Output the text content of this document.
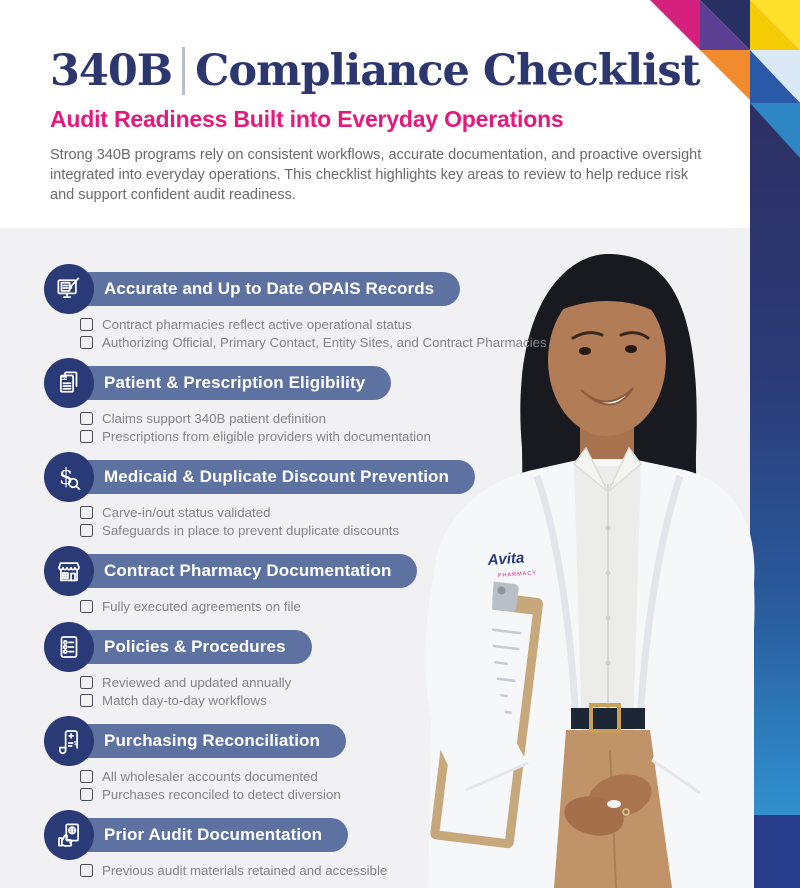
340B Compliance Checklist

Audit Readiness Built into Everyday Operations

Strong 340B programs rely on consistent workflows, accurate documentation, and proactive oversight integrated into everyday operations. This checklist highlights key areas to review to help reduce risk and support confident audit readiness.

Accurate and Up to Date OPAIS Records
Contract pharmacies reflect active operational status
Authorizing Official, Primary Contact, Entity Sites, and Contract Pharmacies
Rx Patient & Prescription Eligibility
Claims support 340B patient definition
Prescriptions from eligible providers with documentation
$ Medicaid & Duplicate Discount Prevention
Carve-in/out status validated
Safeguards in place to prevent duplicate discounts
Contract Pharmacy Documentation
Fully executed agreements on file
Policies & Procedures
Reviewed and updated annually
Match day-to-day workflows
$ Purchasing Reconciliation
All wholesaler accounts documented
Purchases reconciled to detect diversion
Prior Audit Documentation
Previous audit materials retained and accessible
Avita
PHARMACY
